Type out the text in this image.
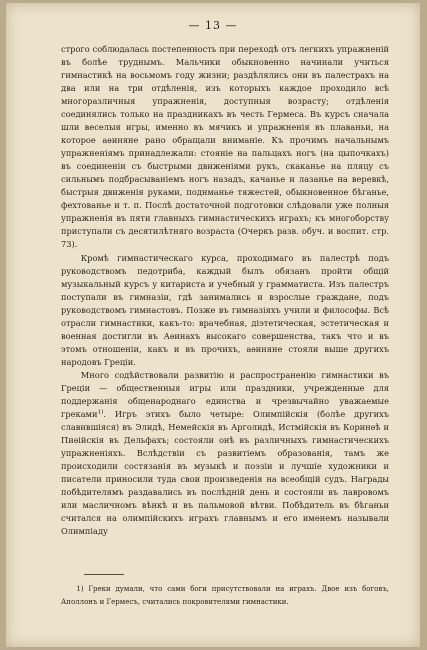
— 13 —

строго соблюдалась постепенность при переходѣ отъ легкихъ упражненій въ болѣе труднымъ. Мальчики обыкновенно начинали учиться гимнастикѣ на восьмомъ году жизни; раздѣлялись они въ палестрахъ на два или на три отдѣленія, изъ которыхъ каждое проходило всѣ многоразличныя упражненія, доступныя возрасту; отдѣленія соединялись только на праздникахъ въ честь Гермеса. Въ курсъ сначала шли веселыя игры, именно въ мячикъ и упражненія въ плаваньи, на которое аѳиняне рано обращали вниманіе. Къ прочимъ начальнымъ упражненіямъ принадлежали: стояніе на пальцахъ ногъ (на цыпочкахъ) въ соединеніи съ быстрыми движеніями рукъ, скаканье на пляцу съ сильнымъ подбрасываніемъ ногъ назадъ, качанье и лазанье на веревкѣ, быстрыя движенія руками, поднманье тяжестей, обыкновенное бѣганье, фехтованье и т. п. Послѣ достаточной подготовки слѣдовали уже полныя упражненія въ пяти главныхъ гимнастическихъ играхъ; къ многоборству приступали съ десятилѣтняго возраста (Очеркъ разв. обуч. и воспит. стр. 73).

Кромѣ гимнастическаго курса, проходимаго въ палестрѣ подъ руководствомъ педотриба, каждый былъ обязанъ пройти общій музыкальный курсъ у китариста и учебный у грамматиста. Изъ палестръ поступали въ гимназіи, гдѣ занимались и взрослые граждане, подъ руководствомъ гимнастовъ. Позже въ гимназіяхъ учили и философы. Всѣ отрасли гимнастики, какъ-то: врачебная, діэтетическая, эстетическая и военная достигли въ Аѳинахъ высокаго совершенства, такъ что и въ этомъ отношеніи, какъ и въ прочихъ, аѳиняне стояли выше другихъ народовъ Греціи.

Много содѣйствовали развитію и распространенію гимнастики въ Греціи — общественныя игры или праздники, учрежденные для поддержанія общенароднаго единства и чрезвычайно уважаемые греками$^{1)}$. Игръ этихъ было четыре: Олимпійскія (болѣе другихъ славившіяся) въ Элидѣ, Немейскія въ Арголидѣ, Истмійскія въ Коринѳѣ и Пиѳійскія въ Дельфахъ; состояли онѣ въ различныхъ гимнастическихъ упражненіяхъ. Вслѣдствіи съ развитіемъ образованія, тамъ же происходили состязанія въ музыкѣ и поэзіи и лучшіе художники и писатели приносили туда свои произведенія на всеобщій судъ. Награды побѣдителямъ раздавались въ послѣдній день и состояли въ лавровомъ или масличномъ вѣнкѣ и въ пальмовой вѣтви. Побѣдитель въ бѣганьи считался на олимпійскихъ играхъ главнымъ и его именемъ называли Олимпіаду

1) Греки думали, что сами боги присутствовали на играхъ. Двое изъ боговъ, Аполлонъ и Гермесъ, считались покровителями гимнастики.
